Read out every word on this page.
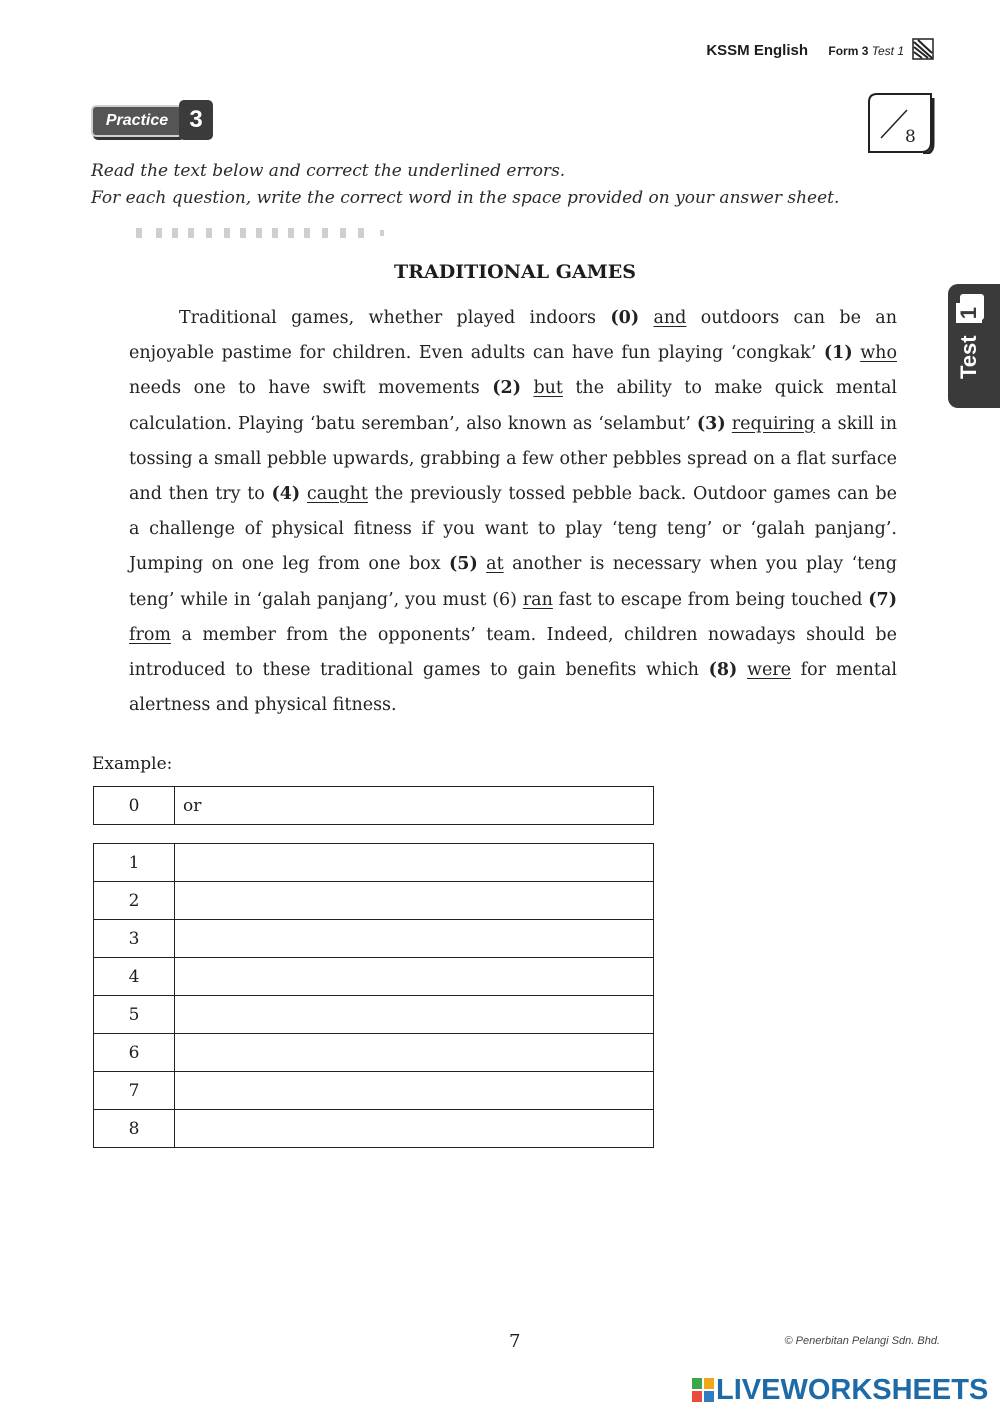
KSSM English Form 3 Test 1
Practice 3
8
Read the text below and correct the underlined errors.
For each question, write the correct word in the space provided on your answer sheet.
TRADITIONAL GAMES

Traditional games, whether played indoors (0) and outdoors can be an enjoyable pastime for children. Even adults can have fun playing ‘congkak’ (1) who needs one to have swift movements (2) but the ability to make quick mental calculation. Playing ‘batu seremban’, also known as ‘selambut’ (3) requiring a skill in tossing a small pebble upwards, grabbing a few other pebbles spread on a flat surface and then try to (4) caught the previously tossed pebble back. Outdoor games can be a challenge of physical fitness if you want to play ‘teng teng’ or ‘galah panjang’. Jumping on one leg from one box (5) at another is necessary when you play ‘teng teng’ while in ‘galah panjang’, you must (6) ran fast to escape from being touched (7) from a member from the opponents’ team. Indeed, children nowadays should be introduced to these traditional games to gain benefits which (8) were for mental alertness and physical fitness.

Example:
0	or
1	
2	
3	
4	
5	
6	
7	
8	
Test 1
7	© Penerbitan Pelangi Sdn. Bhd.
LIVEWORKSHEETS
